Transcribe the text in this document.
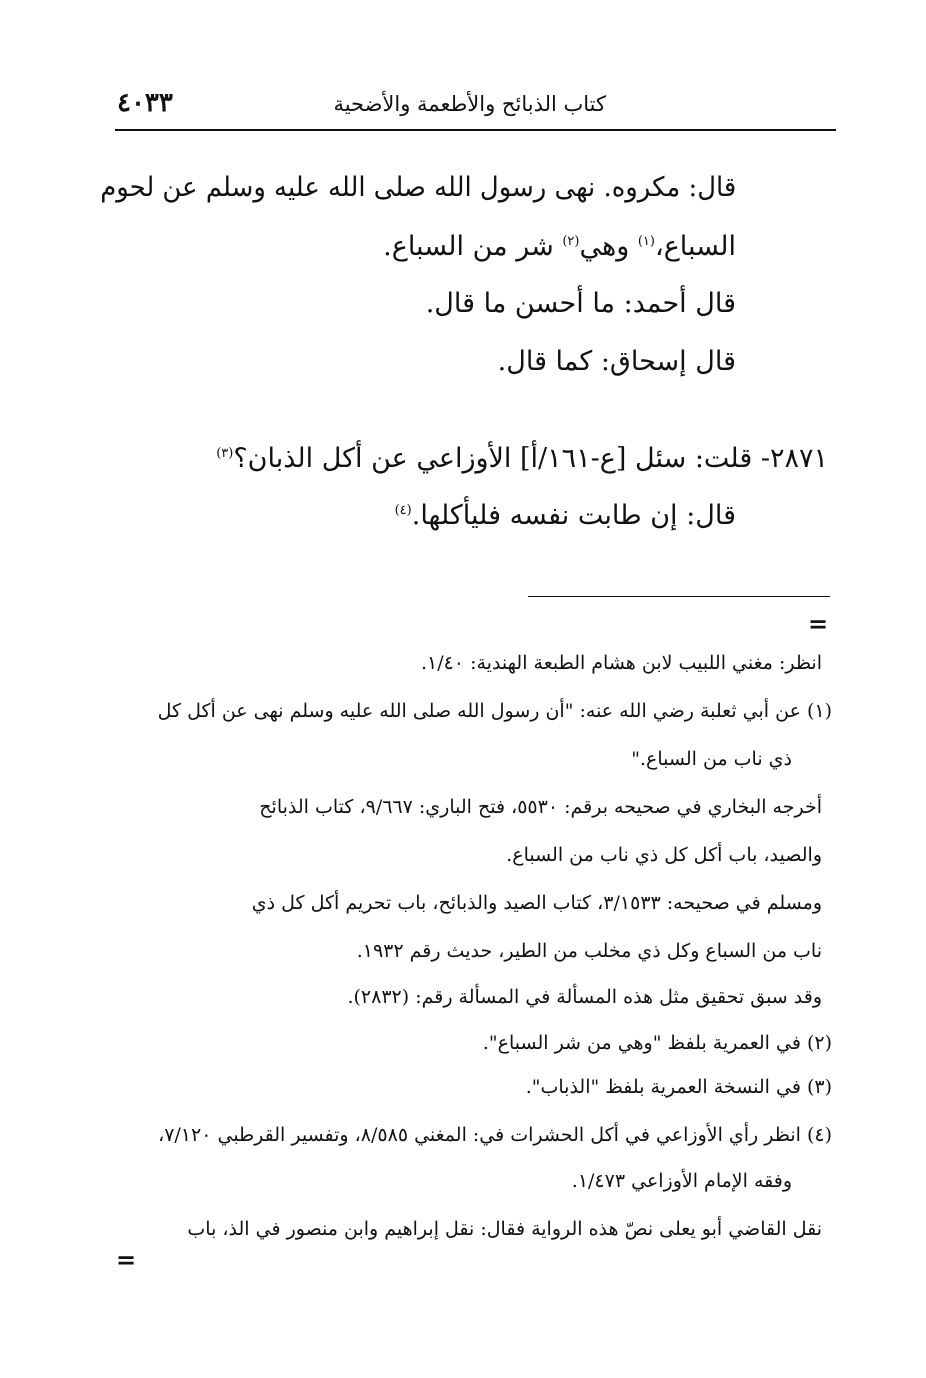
كتاب الذبائح والأطعمة والأضحية
٤٠٣٣
قال: مكروه. نهى رسول الله صلى الله عليه وسلم عن لحوم
السباع،$^{(١)}$ وهي$^{(٢)}$ شر من السباع.
قال أحمد: ما أحسن ما قال.
قال إسحاق: كما قال.
٢٨٧١- قلت: سئل [ع-١٦١/أ] الأوزاعي عن أكل الذبان؟$^{(٣)}$
قال: إن طابت نفسه فليأكلها.$^{(٤)}$
=
انظر: مغني اللبيب لابن هشام الطبعة الهندية: ١/٤٠.
(١) عن أبي ثعلبة رضي الله عنه: "أن رسول الله صلى الله عليه وسلم نهى عن أكل كل
ذي ناب من السباع."
أخرجه البخاري في صحيحه برقم: ٥٥٣٠، فتح الباري: ٩/٦٦٧، كتاب الذبائح
والصيد، باب أكل كل ذي ناب من السباع.
ومسلم في صحيحه: ٣/١٥٣٣، كتاب الصيد والذبائح، باب تحريم أكل كل ذي
ناب من السباع وكل ذي مخلب من الطير، حديث رقم ١٩٣٢.
وقد سبق تحقيق مثل هذه المسألة في المسألة رقم: (٢٨٣٢).
(٢) في العمرية بلفظ "وهي من شر السباع".
(٣) في النسخة العمرية بلفظ "الذباب".
(٤) انظر رأي الأوزاعي في أكل الحشرات في: المغني ٨/٥٨٥، وتفسير القرطبي ٧/١٢٠،
وفقه الإمام الأوزاعي ١/٤٧٣.
نقل القاضي أبو يعلى نصّ هذه الرواية فقال: نقل إبراهيم وابن منصور في الذ، باب
=
